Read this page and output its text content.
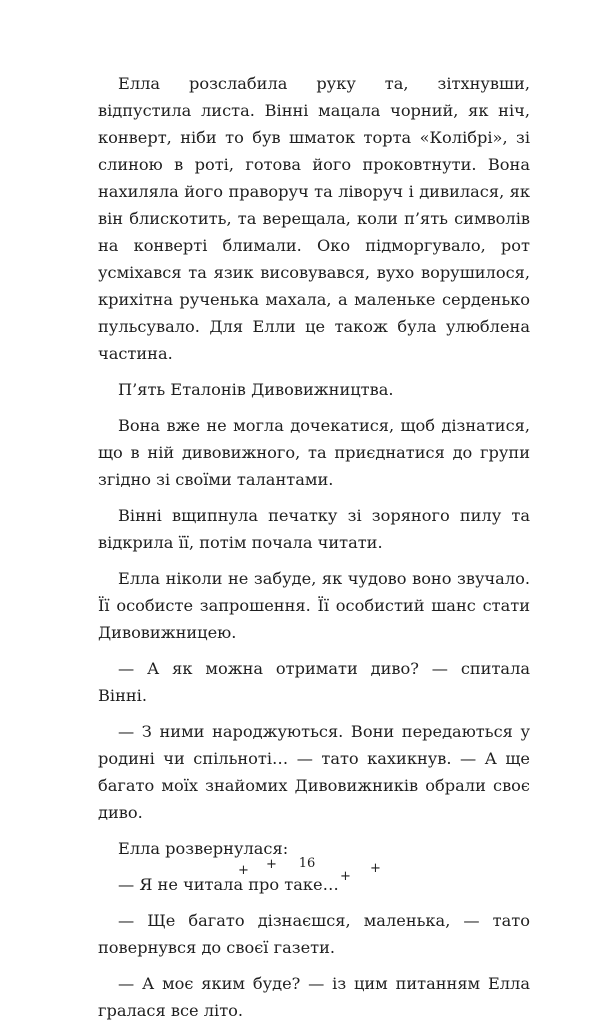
Елла розслабила руку та, зітхнувши, відпустила листа. Вінні мацала чорний, як ніч, конверт, ніби то був шматок торта «Колібрі», зі слиною в роті, готова його проковтнути. Вона нахиляла його праворуч та ліворуч і дивилася, як він блискотить, та верещала, коли п’ять символів на конверті блимали. Око підморгувало, рот усміхався та язик висовувався, вухо ворушилося, крихітна рученька махала, а маленьке серденько пульсувало. Для Елли це також була улюблена частина.

П’ять Еталонів Дивовижництва.

Вона вже не могла дочекатися, щоб дізнатися, що в ній дивовижного, та приєднатися до групи згідно зі своїми талантами.

Вінні вщипнула печатку зі зоряного пилу та відкрила її, потім почала читати.

Елла ніколи не забуде, як чудово воно звучало. Її особисте запрошення. Її особистий шанс стати Дивовижницею.

— А як можна отримати диво? — спитала Вінні.

— З ними народжуються. Вони передаються у родині чи спільноті… — тато кахикнув. — А ще багато моїх знайомих Дивовижників обрали своє диво.

Елла розвернулася:

— Я не читала про таке…

— Ще багато дізнаєшся, маленька, — тато повернувся до своєї газети.

— А моє яким буде? — із цим питанням Елла гралася все літо.

+ +	16
+
+
